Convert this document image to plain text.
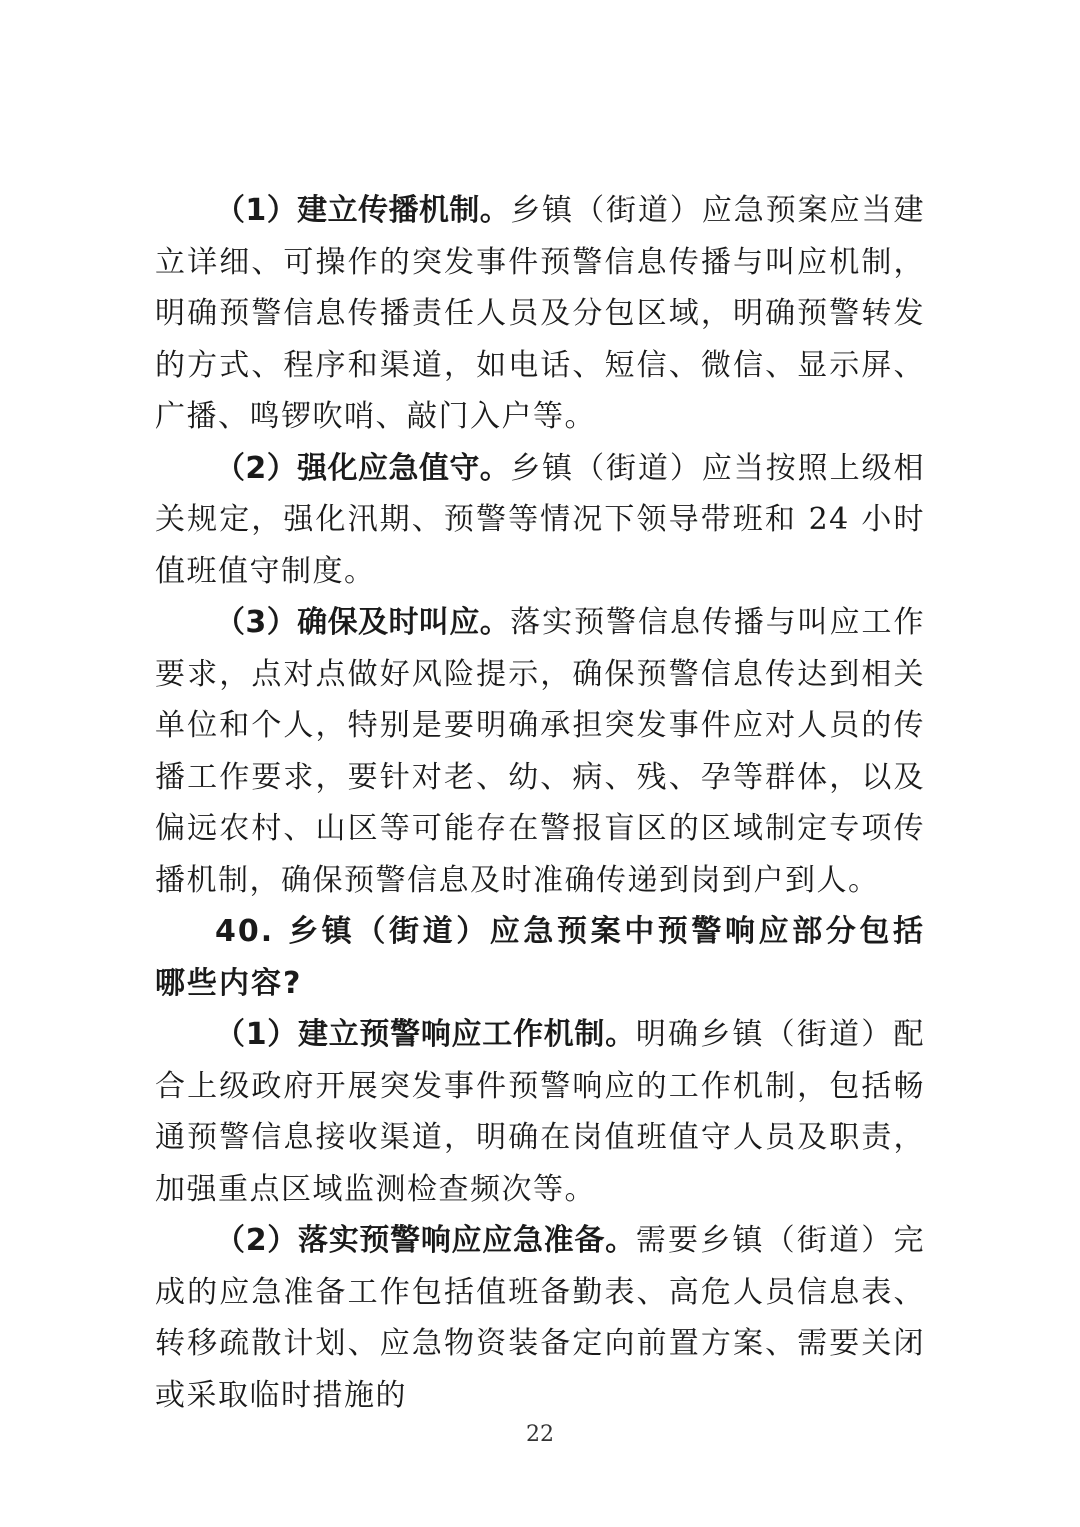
（1）建立传播机制。乡镇（街道）应急预案应当建立详细、可操作的突发事件预警信息传播与叫应机制，明确预警信息传播责任人员及分包区域，明确预警转发的方式、程序和渠道，如电话、短信、微信、显示屏、广播、鸣锣吹哨、敲门入户等。

（2）强化应急值守。乡镇（街道）应当按照上级相关规定，强化汛期、预警等情况下领导带班和 24 小时值班值守制度。

（3）确保及时叫应。落实预警信息传播与叫应工作要求，点对点做好风险提示，确保预警信息传达到相关单位和个人，特别是要明确承担突发事件应对人员的传播工作要求，要针对老、幼、病、残、孕等群体，以及偏远农村、山区等可能存在警报盲区的区域制定专项传播机制，确保预警信息及时准确传递到岗到户到人。

40. 乡镇（街道）应急预案中预警响应部分包括哪些内容?

（1）建立预警响应工作机制。明确乡镇（街道）配合上级政府开展突发事件预警响应的工作机制，包括畅通预警信息接收渠道，明确在岗值班值守人员及职责，加强重点区域监测检查频次等。

（2）落实预警响应应急准备。需要乡镇（街道）完成的应急准备工作包括值班备勤表、高危人员信息表、转移疏散计划、应急物资装备定向前置方案、需要关闭或采取临时措施的

22
